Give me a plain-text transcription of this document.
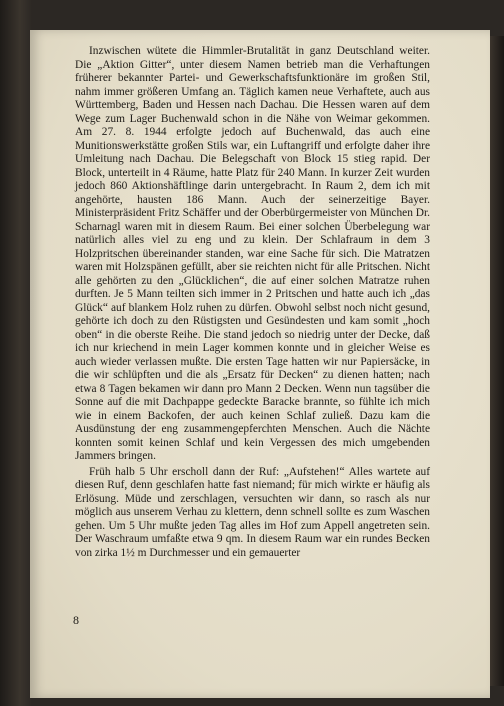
Inzwischen wütete die Himmler-Brutalität in ganz Deutschland weiter. Die „Aktion Gitter“, unter diesem Namen betrieb man die Verhaftungen früherer bekannter Partei- und Gewerkschaftsfunktionäre im großen Stil, nahm immer größeren Umfang an. Täglich kamen neue Verhaftete, auch aus Württemberg, Baden und Hessen nach Dachau. Die Hessen waren auf dem Wege zum Lager Buchenwald schon in die Nähe von Weimar gekommen. Am 27. 8. 1944 erfolgte jedoch auf Buchenwald, das auch eine Munitionswerkstätte großen Stils war, ein Luftangriff und erfolgte daher ihre Umleitung nach Dachau. Die Belegschaft von Block 15 stieg rapid. Der Block, unterteilt in 4 Räume, hatte Platz für 240 Mann. In kurzer Zeit wurden jedoch 860 Aktionshäftlinge darin untergebracht. In Raum 2, dem ich mit angehörte, hausten 186 Mann. Auch der seinerzeitige Bayer. Ministerpräsident Fritz Schäffer und der Oberbürgermeister von München Dr. Scharnagl waren mit in diesem Raum. Bei einer solchen Überbelegung war natürlich alles viel zu eng und zu klein. Der Schlafraum in dem 3 Holzpritschen übereinander standen, war eine Sache für sich. Die Matratzen waren mit Holzspänen gefüllt, aber sie reichten nicht für alle Pritschen. Nicht alle gehörten zu den „Glücklichen“, die auf einer solchen Matratze ruhen durften. Je 5 Mann teilten sich immer in 2 Pritschen und hatte auch ich „das Glück“ auf blankem Holz ruhen zu dürfen. Obwohl selbst noch nicht gesund, gehörte ich doch zu den Rüstigsten und Gesündesten und kam somit „hoch oben“ in die oberste Reihe. Die stand jedoch so niedrig unter der Decke, daß ich nur kriechend in mein Lager kommen konnte und in gleicher Weise es auch wieder verlassen mußte. Die ersten Tage hatten wir nur Papiersäcke, in die wir schlüpften und die als „Ersatz für Decken“ zu dienen hatten; nach etwa 8 Tagen bekamen wir dann pro Mann 2 Decken. Wenn nun tagsüber die Sonne auf die mit Dachpappe gedeckte Baracke brannte, so fühlte ich mich wie in einem Backofen, der auch keinen Schlaf zuließ. Dazu kam die Ausdünstung der eng zusammengepferchten Menschen. Auch die Nächte konnten somit keinen Schlaf und kein Vergessen des mich umgebenden Jammers bringen.

Früh halb 5 Uhr erscholl dann der Ruf: „Aufstehen!“ Alles wartete auf diesen Ruf, denn geschlafen hatte fast niemand; für mich wirkte er häufig als Erlösung. Müde und zerschlagen, versuchten wir dann, so rasch als nur möglich aus unserem Verhau zu klettern, denn schnell sollte es zum Waschen gehen. Um 5 Uhr mußte jeden Tag alles im Hof zum Appell angetreten sein. Der Waschraum umfaßte etwa 9 qm. In diesem Raum war ein rundes Becken von zirka 1½ m Durchmesser und ein gemauerter

8
